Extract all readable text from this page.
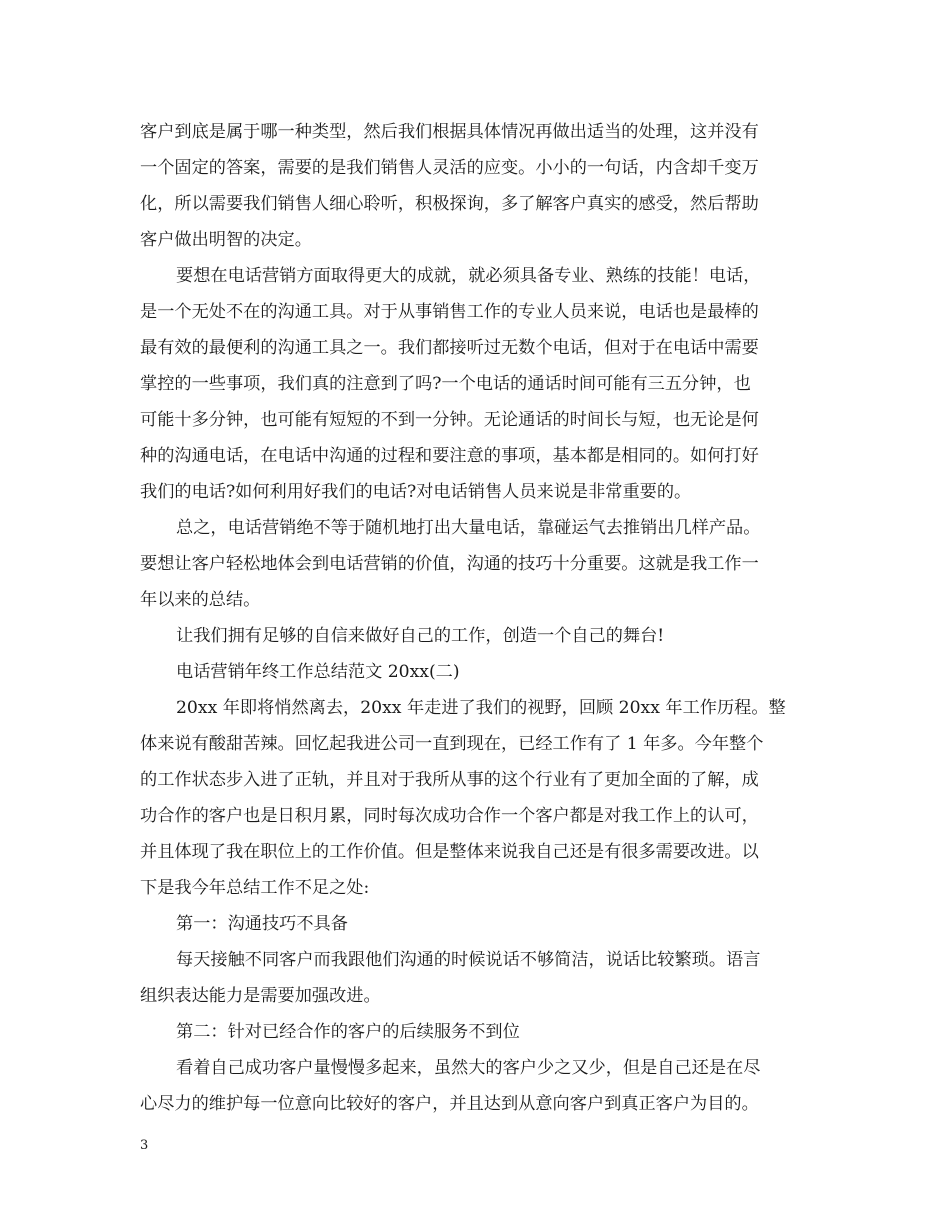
客户到底是属于哪一种类型，然后我们根据具体情况再做出适当的处理，这并没有
一个固定的答案，需要的是我们销售人灵活的应变。小小的一句话，内含却千变万
化，所以需要我们销售人细心聆听，积极探询，多了解客户真实的感受，然后帮助
客户做出明智的决定。
要想在电话营销方面取得更大的成就，就必须具备专业、熟练的技能！电话，
是一个无处不在的沟通工具。对于从事销售工作的专业人员来说，电话也是最棒的
最有效的最便利的沟通工具之一。我们都接听过无数个电话，但对于在电话中需要
掌控的一些事项，我们真的注意到了吗?一个电话的通话时间可能有三五分钟，也
可能十多分钟，也可能有短短的不到一分钟。无论通话的时间长与短，也无论是何
种的沟通电话，在电话中沟通的过程和要注意的事项，基本都是相同的。如何打好
我们的电话?如何利用好我们的电话?对电话销售人员来说是非常重要的。
总之，电话营销绝不等于随机地打出大量电话，靠碰运气去推销出几样产品。
要想让客户轻松地体会到电话营销的价值，沟通的技巧十分重要。这就是我工作一
年以来的总结。
让我们拥有足够的自信来做好自己的工作，创造一个自己的舞台!
电话营销年终工作总结范文 20xx(二)
20xx 年即将悄然离去，20xx 年走进了我们的视野，回顾 20xx 年工作历程。整
体来说有酸甜苦辣。回忆起我进公司一直到现在，已经工作有了 1 年多。今年整个
的工作状态步入进了正轨，并且对于我所从事的这个行业有了更加全面的了解，成
功合作的客户也是日积月累，同时每次成功合作一个客户都是对我工作上的认可，
并且体现了我在职位上的工作价值。但是整体来说我自己还是有很多需要改进。以
下是我今年总结工作不足之处:
第一：沟通技巧不具备
每天接触不同客户而我跟他们沟通的时候说话不够简洁，说话比较繁琐。语言
组织表达能力是需要加强改进。
第二：针对已经合作的客户的后续服务不到位
看着自己成功客户量慢慢多起来，虽然大的客户少之又少，但是自己还是在尽
心尽力的维护每一位意向比较好的客户，并且达到从意向客户到真正客户为目的。
3
